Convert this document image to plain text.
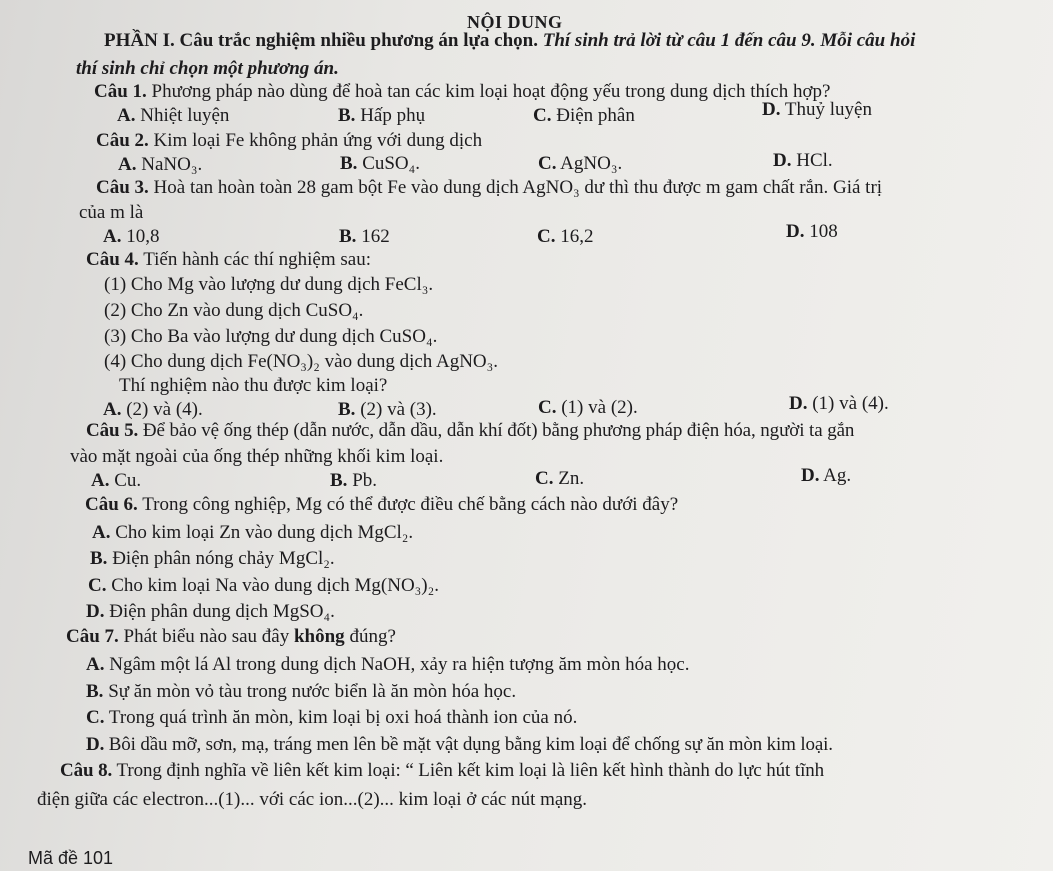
NỘI DUNG
PHẦN I. Câu trắc nghiệm nhiều phương án lựa chọn. Thí sinh trả lời từ câu 1 đến câu 9. Mỗi câu hỏi
thí sinh chỉ chọn một phương án.
Câu 1. Phương pháp nào dùng để hoà tan các kim loại hoạt động yếu trong dung dịch thích hợp?
A. Nhiệt luyện	B. Hấp phụ	C. Điện phân	D. Thuỷ luyện
Câu 2. Kim loại Fe không phản ứng với dung dịch
A. NaNO₃.	B. CuSO₄.	C. AgNO₃.	D. HCl.
Câu 3. Hoà tan hoàn toàn 28 gam bột Fe vào dung dịch AgNO₃ dư thì thu được m gam chất rắn. Giá trị
của m là
A. 10,8	B. 162	C. 16,2	D. 108
Câu 4. Tiến hành các thí nghiệm sau:
(1) Cho Mg vào lượng dư dung dịch FeCl₃.
(2) Cho Zn vào dung dịch CuSO₄.
(3) Cho Ba vào lượng dư dung dịch CuSO₄.
(4) Cho dung dịch Fe(NO₃)₂ vào dung dịch AgNO₃.
Thí nghiệm nào thu được kim loại?
A. (2) và (4).	B. (2) và (3).	C. (1) và (2).	D. (1) và (4).
Câu 5. Để bảo vệ ống thép (dẫn nước, dẫn dầu, dẫn khí đốt) bằng phương pháp điện hóa, người ta gắn
vào mặt ngoài của ống thép những khối kim loại.
A. Cu.	B. Pb.	C. Zn.	D. Ag.
Câu 6. Trong công nghiệp, Mg có thể được điều chế bằng cách nào dưới đây?
A. Cho kim loại Zn vào dung dịch MgCl₂.
B. Điện phân nóng chảy MgCl₂.
C. Cho kim loại Na vào dung dịch Mg(NO₃)₂.
D. Điện phân dung dịch MgSO₄.
Câu 7. Phát biểu nào sau đây không đúng?
A. Ngâm một lá Al trong dung dịch NaOH, xảy ra hiện tượng ăm mòn hóa học.
B. Sự ăn mòn vỏ tàu trong nước biển là ăn mòn hóa học.
C. Trong quá trình ăn mòn, kim loại bị oxi hoá thành ion của nó.
D. Bôi dầu mỡ, sơn, mạ, tráng men lên bề mặt vật dụng bằng kim loại để chống sự ăn mòn kim loại.
Câu 8. Trong định nghĩa về liên kết kim loại: “ Liên kết kim loại là liên kết hình thành do lực hút tĩnh
điện giữa các electron...(1)... với các ion...(2)... kim loại ở các nút mạng.
Mã đề 101
